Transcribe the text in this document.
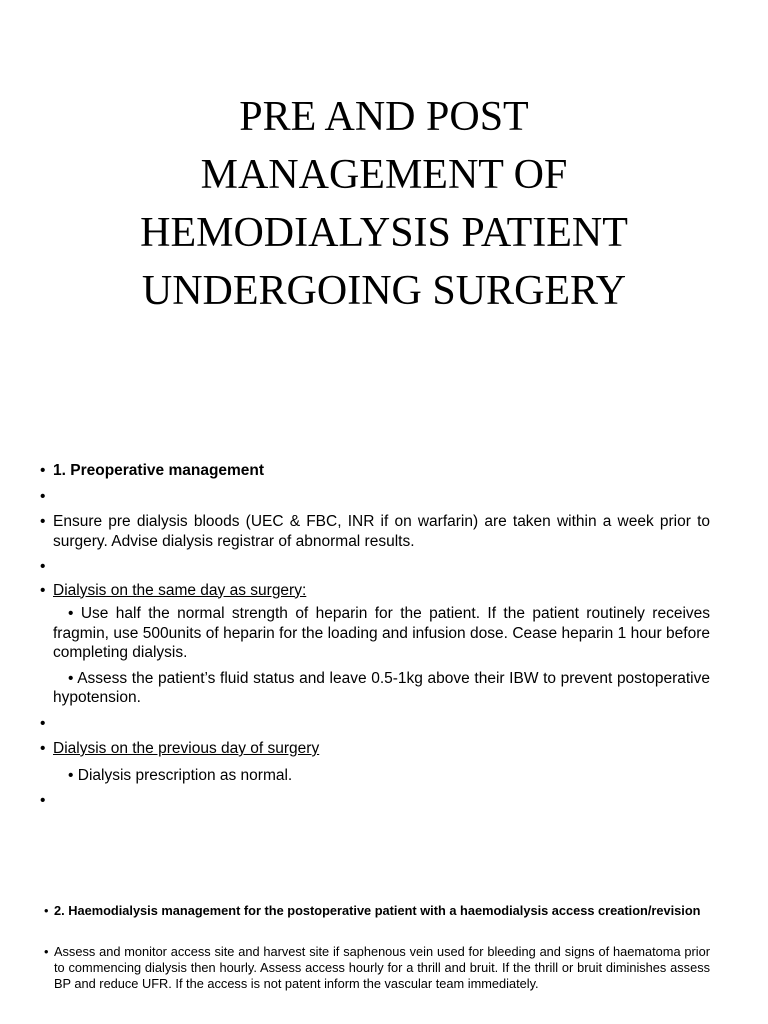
PRE AND POST
MANAGEMENT OF
HEMODIALYSIS PATIENT
UNDERGOING SURGERY
• 1. Preoperative management
•
• Ensure pre dialysis bloods (UEC & FBC, INR if on warfarin) are taken within a week prior to surgery. Advise dialysis registrar of abnormal results.
•
• Dialysis on the same day as surgery:
• Use half the normal strength of heparin for the patient. If the patient routinely receives fragmin, use 500units of heparin for the loading and infusion dose. Cease heparin 1 hour before completing dialysis.
• Assess the patient’s fluid status and leave 0.5-1kg above their IBW to prevent postoperative hypotension.
•
• Dialysis on the previous day of surgery
• Dialysis prescription as normal.
•
• 2. Haemodialysis management for the postoperative patient with a haemodialysis access creation/revision
• Assess and monitor access site and harvest site if saphenous vein used for bleeding and signs of haematoma prior to commencing dialysis then hourly. Assess access hourly for a thrill and bruit. If the thrill or bruit diminishes assess BP and reduce UFR. If the access is not patent inform the vascular team immediately.
